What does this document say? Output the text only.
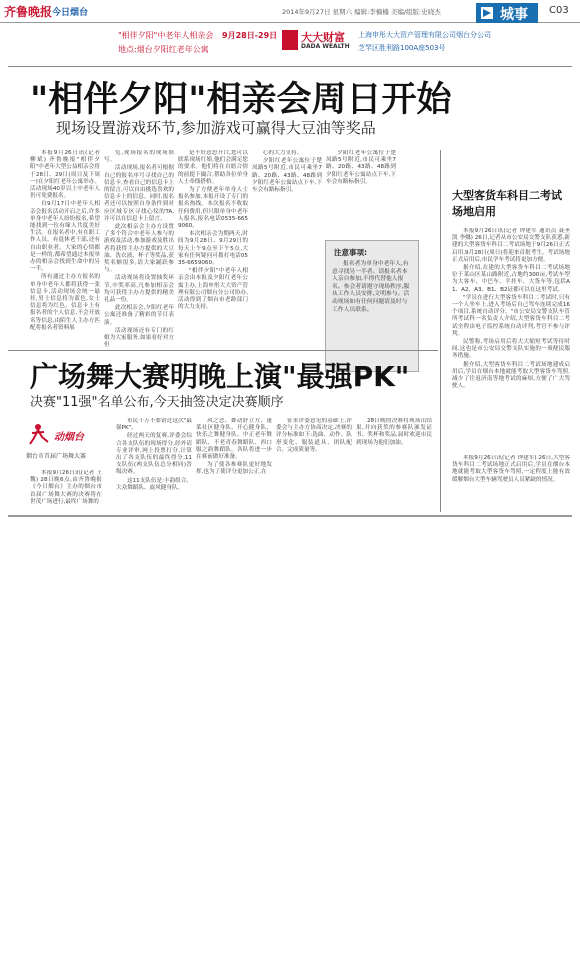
齐鲁晚报 今日烟台	2014年9月27日 星期六 编辑:李楠楠 美编/组版:史晓杰	城事 C03
"相伴夕阳"中老年人相亲会
地点:烟台夕阳红老年公寓
9月28日-29日 大大财富
DADA WEALTH
上海申彤大大资产管理有限公司烟台分公司
芝罘区胜利路100A座503号
"相伴夕阳"相亲会周日开始
现场设置游戏环节,参加游戏可赢得大豆油等奖品

本报9月26日讯(记者 柳斌) 齐鲁晚报"相伴夕阳"中老年大型公益相亲会将于28日、29日(周日及下周一)在夕阳红老年公寓举办。活动现场40岁以上中老年人仍可免费报名。

自9月17日中老年人相亲会报名活动开启之后,许多单身中老年人纷纷报名,希望能找到一位有缘人共度美好生活。在报名者中,有在职工作人员、有退休老干部,还有自由职业者。大家的心情都是一样的,都希望通过本报举办的相亲会找到生命中的另一半。

所有通过主办方报名的单身中老年人都将获得一张信息卡,活动现场会统一悬挂,男士信息将为蓝色,女士信息将为红色。信息卡上有报名者的个人信息,不会开放名等信息,由陌生人主办方匹配将报名者资料展

览,现场报名的现场填写。

活动现场,报名者可根据自己的报名序号寻找自己的信息卡,查看自己的信息卡上的留言,可以自由挑选喜欢的信息卡上的信息。同时,报名者还可以按照自身条件到对应区域专区寻找心仪的TA,并可以在信息卡上留言。

此次相亲会主办方设置了多个符合中老年人参与的游戏及活动,参加游戏及胜出者将获得主办方提供的大豆油、洗衣液、杯子等奖品,获奖名额很多,请大家踊跃参与。

活动现场将设置抽奖环节,中奖率高,凡参加相亲会均可获得主办方提供的精美礼品一份。

此次相亲会,夕阳红老年公寓还准备了精彩的节目表演。

活动现场还有专门的红娘为大家服务,如果看好对方但

是不好意思开口,您可以联系现场红娘,他们会满足您的要求。他们将在自愿合情的前提下撮合,帮助各位单身人士牵线搭桥。

为了方便老年单身人士报名参加,本报开设了专门的报名热线。本次报名不收取任何费用,但只限单身中老年人报名,报名电话0535-6659060。

本次相亲会为期两天,时间为9月28日、9月29日的每天上午9点至下午5点,大家有任何疑问可拨打电话0535-6659060。

"相伴夕阳"中老年人相亲会由本报及夕阳红老年公寓主办,上海申彤大大资产管理有限公司烟台分公司协办,活动得到了烟台市老龄部门的大力支持。

心的大力支持。

夕阳红老年公寓位于楚凤路5号附近,市民可乘坐7路、20路、43路、48路到夕阳红老年公寓站点下车,下车会有路标指引。

夕阳红老年公寓位于楚凤路5号附近,市民可乘坐7路、20路、43路、48路到夕阳红老年公寓站点下车,下车会有路标指引。

注意事项:
报名者为单身中老年人,有意寻找另一半者。请报名者本人亲自参加,不得代替他人报名。参会者请遵守现场秩序,服从工作人员安排,文明参与。活动现场如有任何问题请及时与工作人员联系。
大型客货车科目二考试场地启用

本报9月26日讯(记者 钟建军 通讯员 聂圣凯 李娜) 26日,记者从市公安局交警支队获悉,新建的大型客货车科目二考试场地于9月26日正式启用,9月28日(周日)将迎来首批考生。考试场地正式启用后,市民学车考试将更加方便。

据介绍,在建的大型客货车科目二考试场地位于莱山区某山路附近,占地约300亩,考试车型为大客车、中巴车、半挂车、大货车等,包括A1、A2、A3、B1、B2证都可以在这里考试。

"学员在进行大型客货车科目二考试时,只有一个人坐车上,进入考场后自己驾车连续完成16个项目,系统自动评分。"市公安局交警支队车管所考试科一名负责人介绍,大型客货车科目二考试全程由电子监控系统自动评判,考官不参与评判。

民警称,考场启用后将大大缩短考试等待时间,这也是市公安局交警支队实施的一项便民服务措施。

据介绍,大型客货车科目二考试场地建成启用后,学员在烟台本地就能考取大型客货车驾照,减少了往返济南等地考试的麻烦,方便了广大驾驶人。

本报9月26日讯(记者 钟建军) 26日,大型客货车科目二考试场地正式启用后,学员在烟台本地就能考取大型客货车驾照,一定程度上能有效缓解烟台大型车辆驾驶员人员紧缺的情况。

广场舞大赛明晚上演"最强PK"
决赛"11强"名单公布,今天抽签决定决赛顺序
动烟台
烟台市首届广场舞大赛

本报9月26日讯(记者 王魏) 28日晚6点,由齐鲁晚报《今日烟台》主办的烟台市首届广场舞大赛的决赛将在世茂广场进行,最终广场舞的

市民千万不要错过这次"最强PK"。

经过两天的复赛,评委会综合各支队伍的现场得分,经外请专业评审,网上投票打分,计算出了各支队伍的最终得分,11支队伍(两支队伍总分相同)晋级决赛。

这11支队伍是:丰韵组合、大众舞蹈队、旋风健身队、

风之恋、舞动舒立方、蓬莱社区健身队、开心健身队、快乐之舞健身队、中正老年舞蹈队、不老青春舞蹈队、西口服之韵舞蹈队。各队将进一步在赛前做好准备。

为了使各参赛队更好地发挥,也为了使评分更加公正,在

征求评委意见的基础上,评委会与主办方协商决定,决赛的评分标准如下:选曲、动作、队形变化、服装道具、团队配合、完成质量等。

28日晚的决赛将现场出结果,并向获奖的参赛队颁发证书、奖杯和奖品,届时欢迎市民到现场为他们加油。
